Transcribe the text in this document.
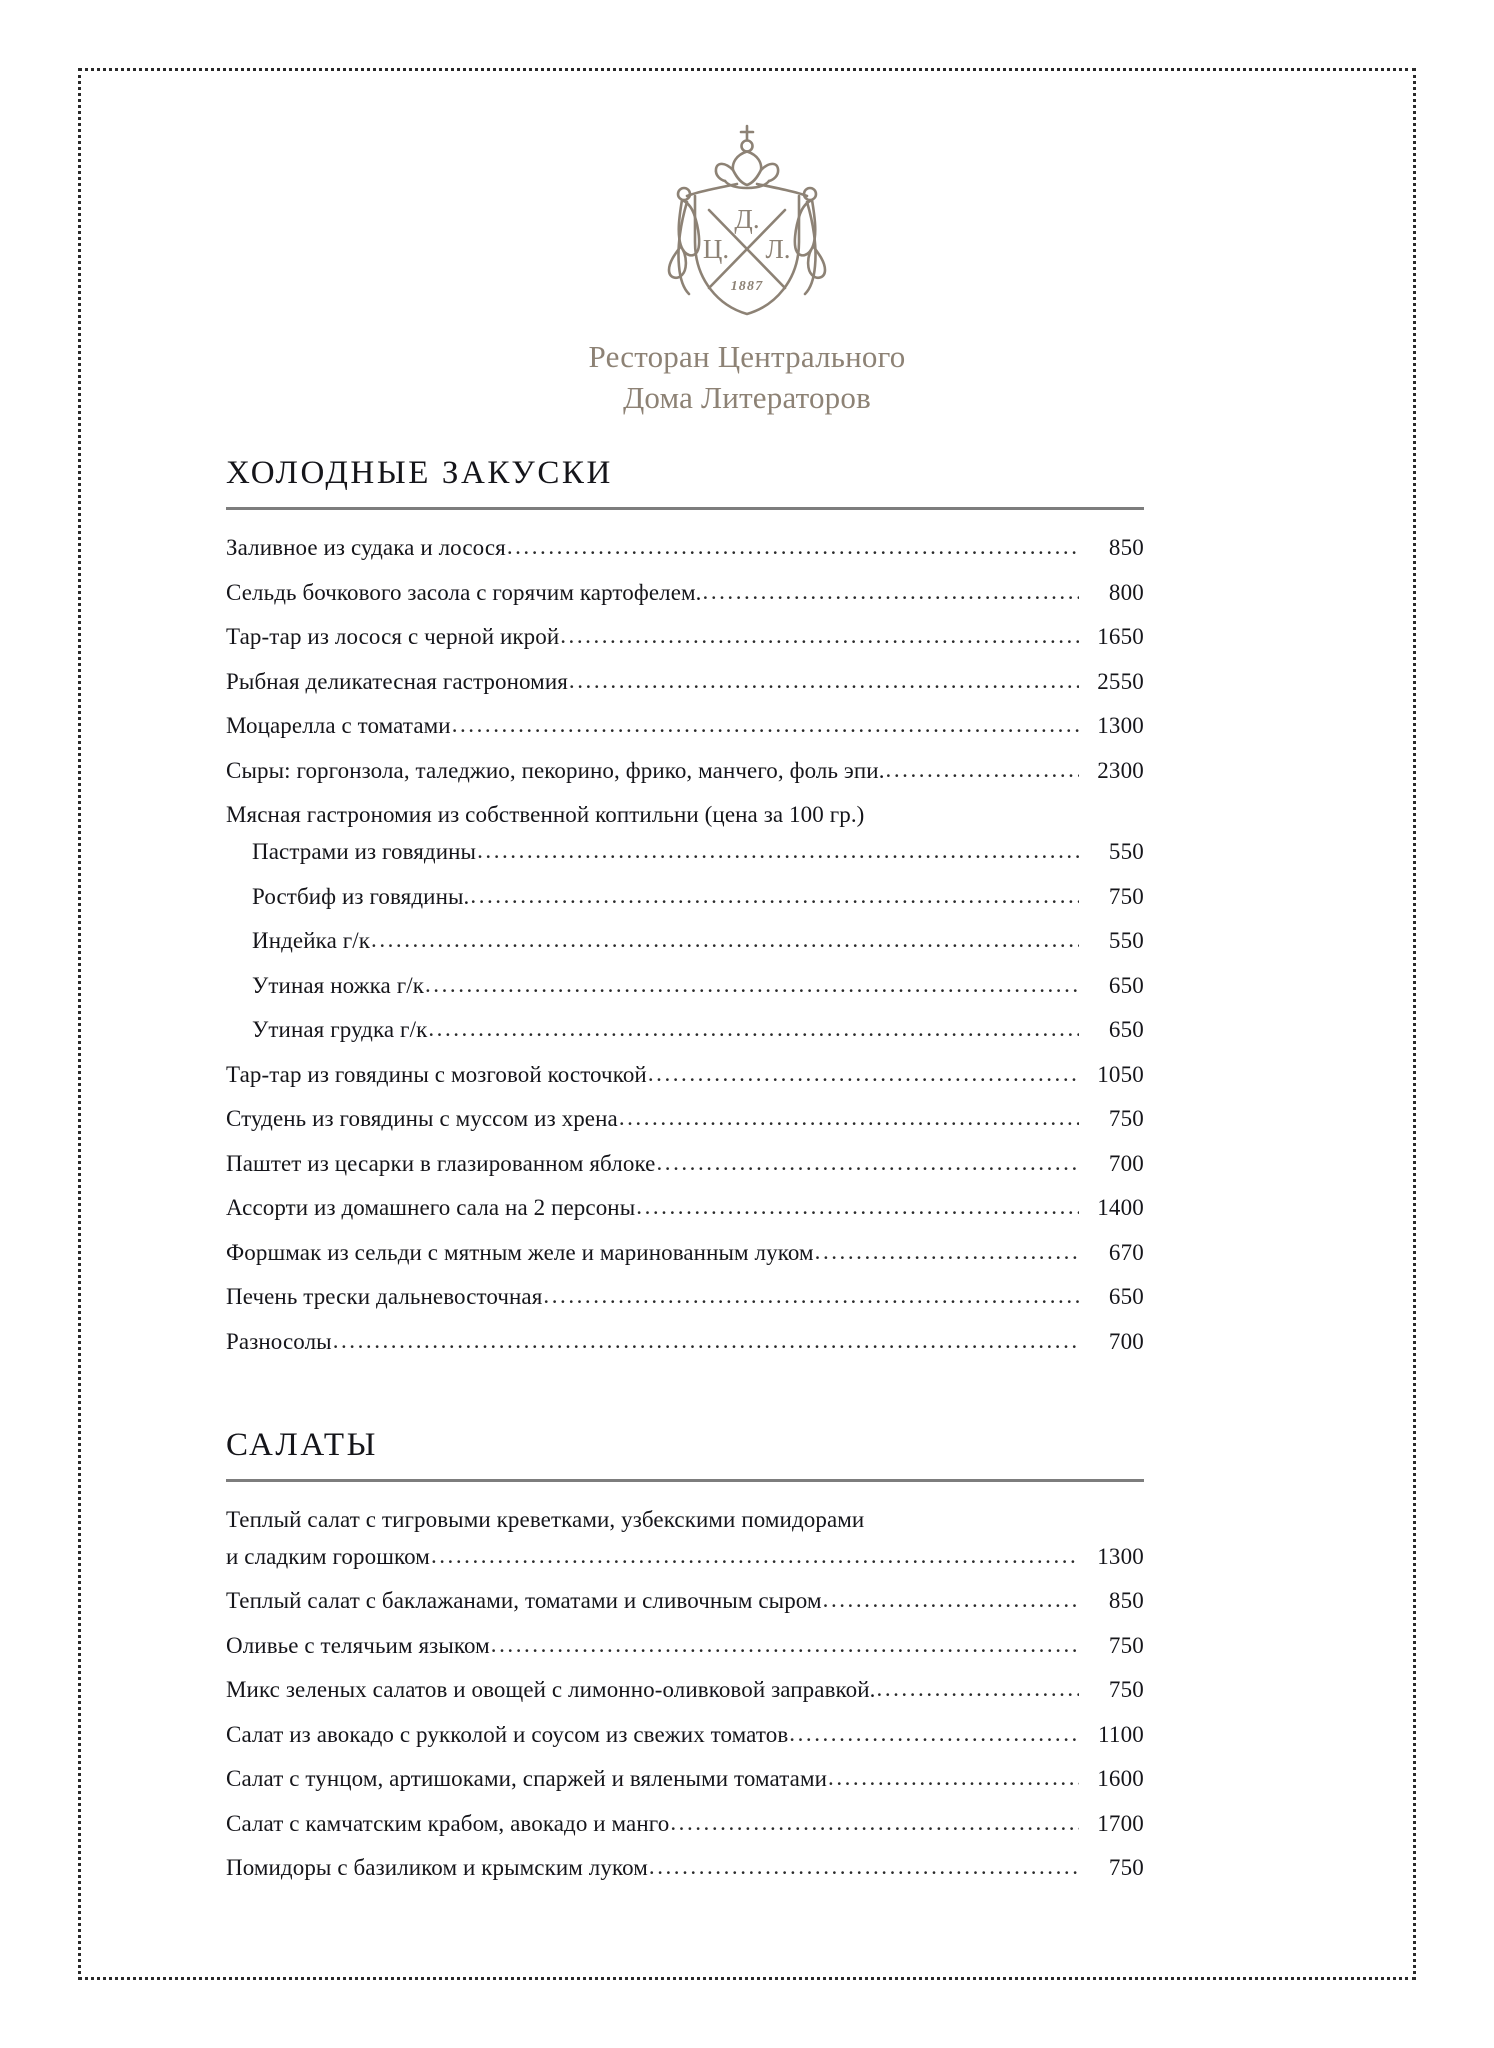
Д.
Ц. Л.
1887
Ресторан Центрального
Дома Литераторов
ХОЛОДНЫЕ ЗАКУСКИ
Заливное из судака и лосося . . .	850
Сельдь бочкового засола с горячим картофелем. . . .	800
Тар-тар из лосося с черной икрой . . .	1650
Рыбная деликатесная гастрономия . . .	2550
Моцарелла с томатами . . .	1300
Сыры: горгонзола, таледжио, пекорино, фрико, манчего, фоль эпи. . . .	2300
Мясная гастрономия из собственной коптильни (цена за 100 гр.)
Пастрами из говядины . . .	550
Ростбиф из говядины. . . .	750
Индейка г/к . . .	550
Утиная ножка г/к . . .	650
Утиная грудка г/к . . .	650
Тар-тар из говядины с мозговой косточкой . . .	1050
Студень из говядины с муссом из хрена . . .	750
Паштет из цесарки в глазированном яблоке . . .	700
Ассорти из домашнего сала на 2 персоны . . .	1400
Форшмак из сельди с мятным желе и маринованным луком . . .	670
Печень трески дальневосточная . . .	650
Разносолы . . .	700
САЛАТЫ
Теплый салат с тигровыми креветками, узбекскими помидорами
и сладким горошком . . .	1300
Теплый салат с баклажанами, томатами и сливочным сыром . . .	850
Оливье с телячьим языком . . .	750
Микс зеленых салатов и овощей с лимонно-оливковой заправкой. . . .	750
Салат из авокадо с рукколой и соусом из свежих томатов . . .	1100
Салат с тунцом, артишоками, спаржей и вялеными томатами . . .	1600
Салат с камчатским крабом, авокадо и манго . . .	1700
Помидоры с базиликом и крымским луком . . .	750
